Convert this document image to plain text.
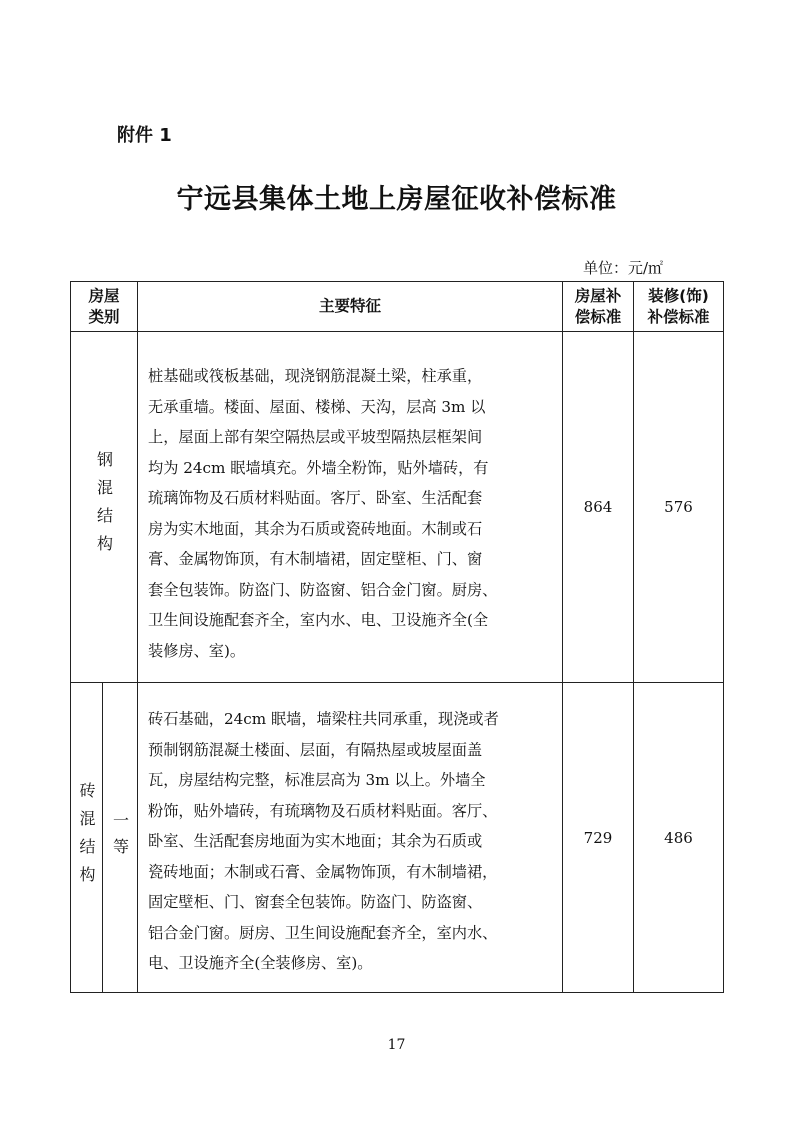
附件 1
宁远县集体土地上房屋征收补偿标准
单位：元/㎡
房屋
类别
主要特征
房屋补
偿标准
装修(饰)
补偿标准
钢混结构
桩基础或筏板基础，现浇钢筋混凝土梁，柱承重，
无承重墙。楼面、屋面、楼梯、天沟，层高 3m 以
上，屋面上部有架空隔热层或平坡型隔热层框架间
均为 24cm 眠墙填充。外墙全粉饰，贴外墙砖，有
琉璃饰物及石质材料贴面。客厅、卧室、生活配套
房为实木地面，其余为石质或瓷砖地面。木制或石
膏、金属物饰顶，有木制墙裙，固定壁柜、门、窗
套全包装饰。防盗门、防盗窗、铝合金门窗。厨房、
卫生间设施配套齐全，室内水、电、卫设施齐全(全
装修房、室)。
864	576
砖混结构 一等
砖石基础，24cm 眠墙，墙梁柱共同承重，现浇或者
预制钢筋混凝土楼面、层面，有隔热屋或坡屋面盖
瓦，房屋结构完整，标准层高为 3m 以上。外墙全
粉饰，贴外墙砖，有琉璃物及石质材料贴面。客厅、
卧室、生活配套房地面为实木地面；其余为石质或
瓷砖地面；木制或石膏、金属物饰顶，有木制墙裙，
固定壁柜、门、窗套全包装饰。防盗门、防盗窗、
铝合金门窗。厨房、卫生间设施配套齐全，室内水、
电、卫设施齐全(全装修房、室)。
729	486
17
